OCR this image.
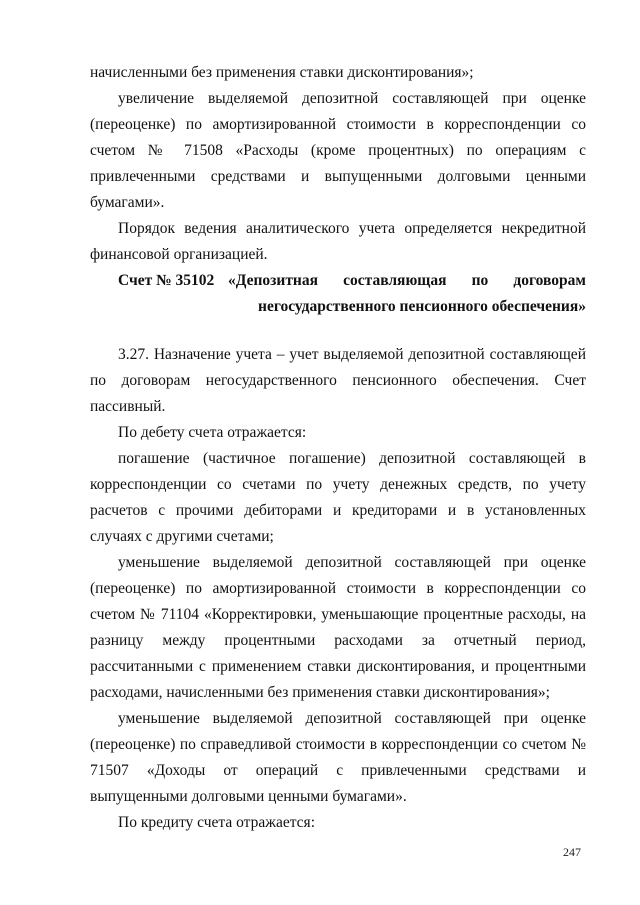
начисленными без применения ставки дисконтирования»;

увеличение выделяемой депозитной составляющей при оценке (переоценке) по амортизированной стоимости в корреспонденции со счетом № 71508 «Расходы (кроме процентных) по операциям с привлеченными средствами и выпущенными долговыми ценными бумагами».

Порядок ведения аналитического учета определяется некредитной финансовой организацией.

Счет № 35102 «Депозитная составляющая по договорам
негосударственного пенсионного обеспечения»

3.27. Назначение учета – учет выделяемой депозитной составляющей по договорам негосударственного пенсионного обеспечения. Счет пассивный.

По дебету счета отражается:

погашение (частичное погашение) депозитной составляющей в корреспонденции со счетами по учету денежных средств, по учету расчетов с прочими дебиторами и кредиторами и в установленных случаях с другими счетами;

уменьшение выделяемой депозитной составляющей при оценке (переоценке) по амортизированной стоимости в корреспонденции со счетом № 71104 «Корректировки, уменьшающие процентные расходы, на разницу между процентными расходами за отчетный период, рассчитанными с применением ставки дисконтирования, и процентными расходами, начисленными без применения ставки дисконтирования»;

уменьшение выделяемой депозитной составляющей при оценке (переоценке) по справедливой стоимости в корреспонденции со счетом № 71507 «Доходы от операций с привлеченными средствами и выпущенными долговыми ценными бумагами».

По кредиту счета отражается:

247
